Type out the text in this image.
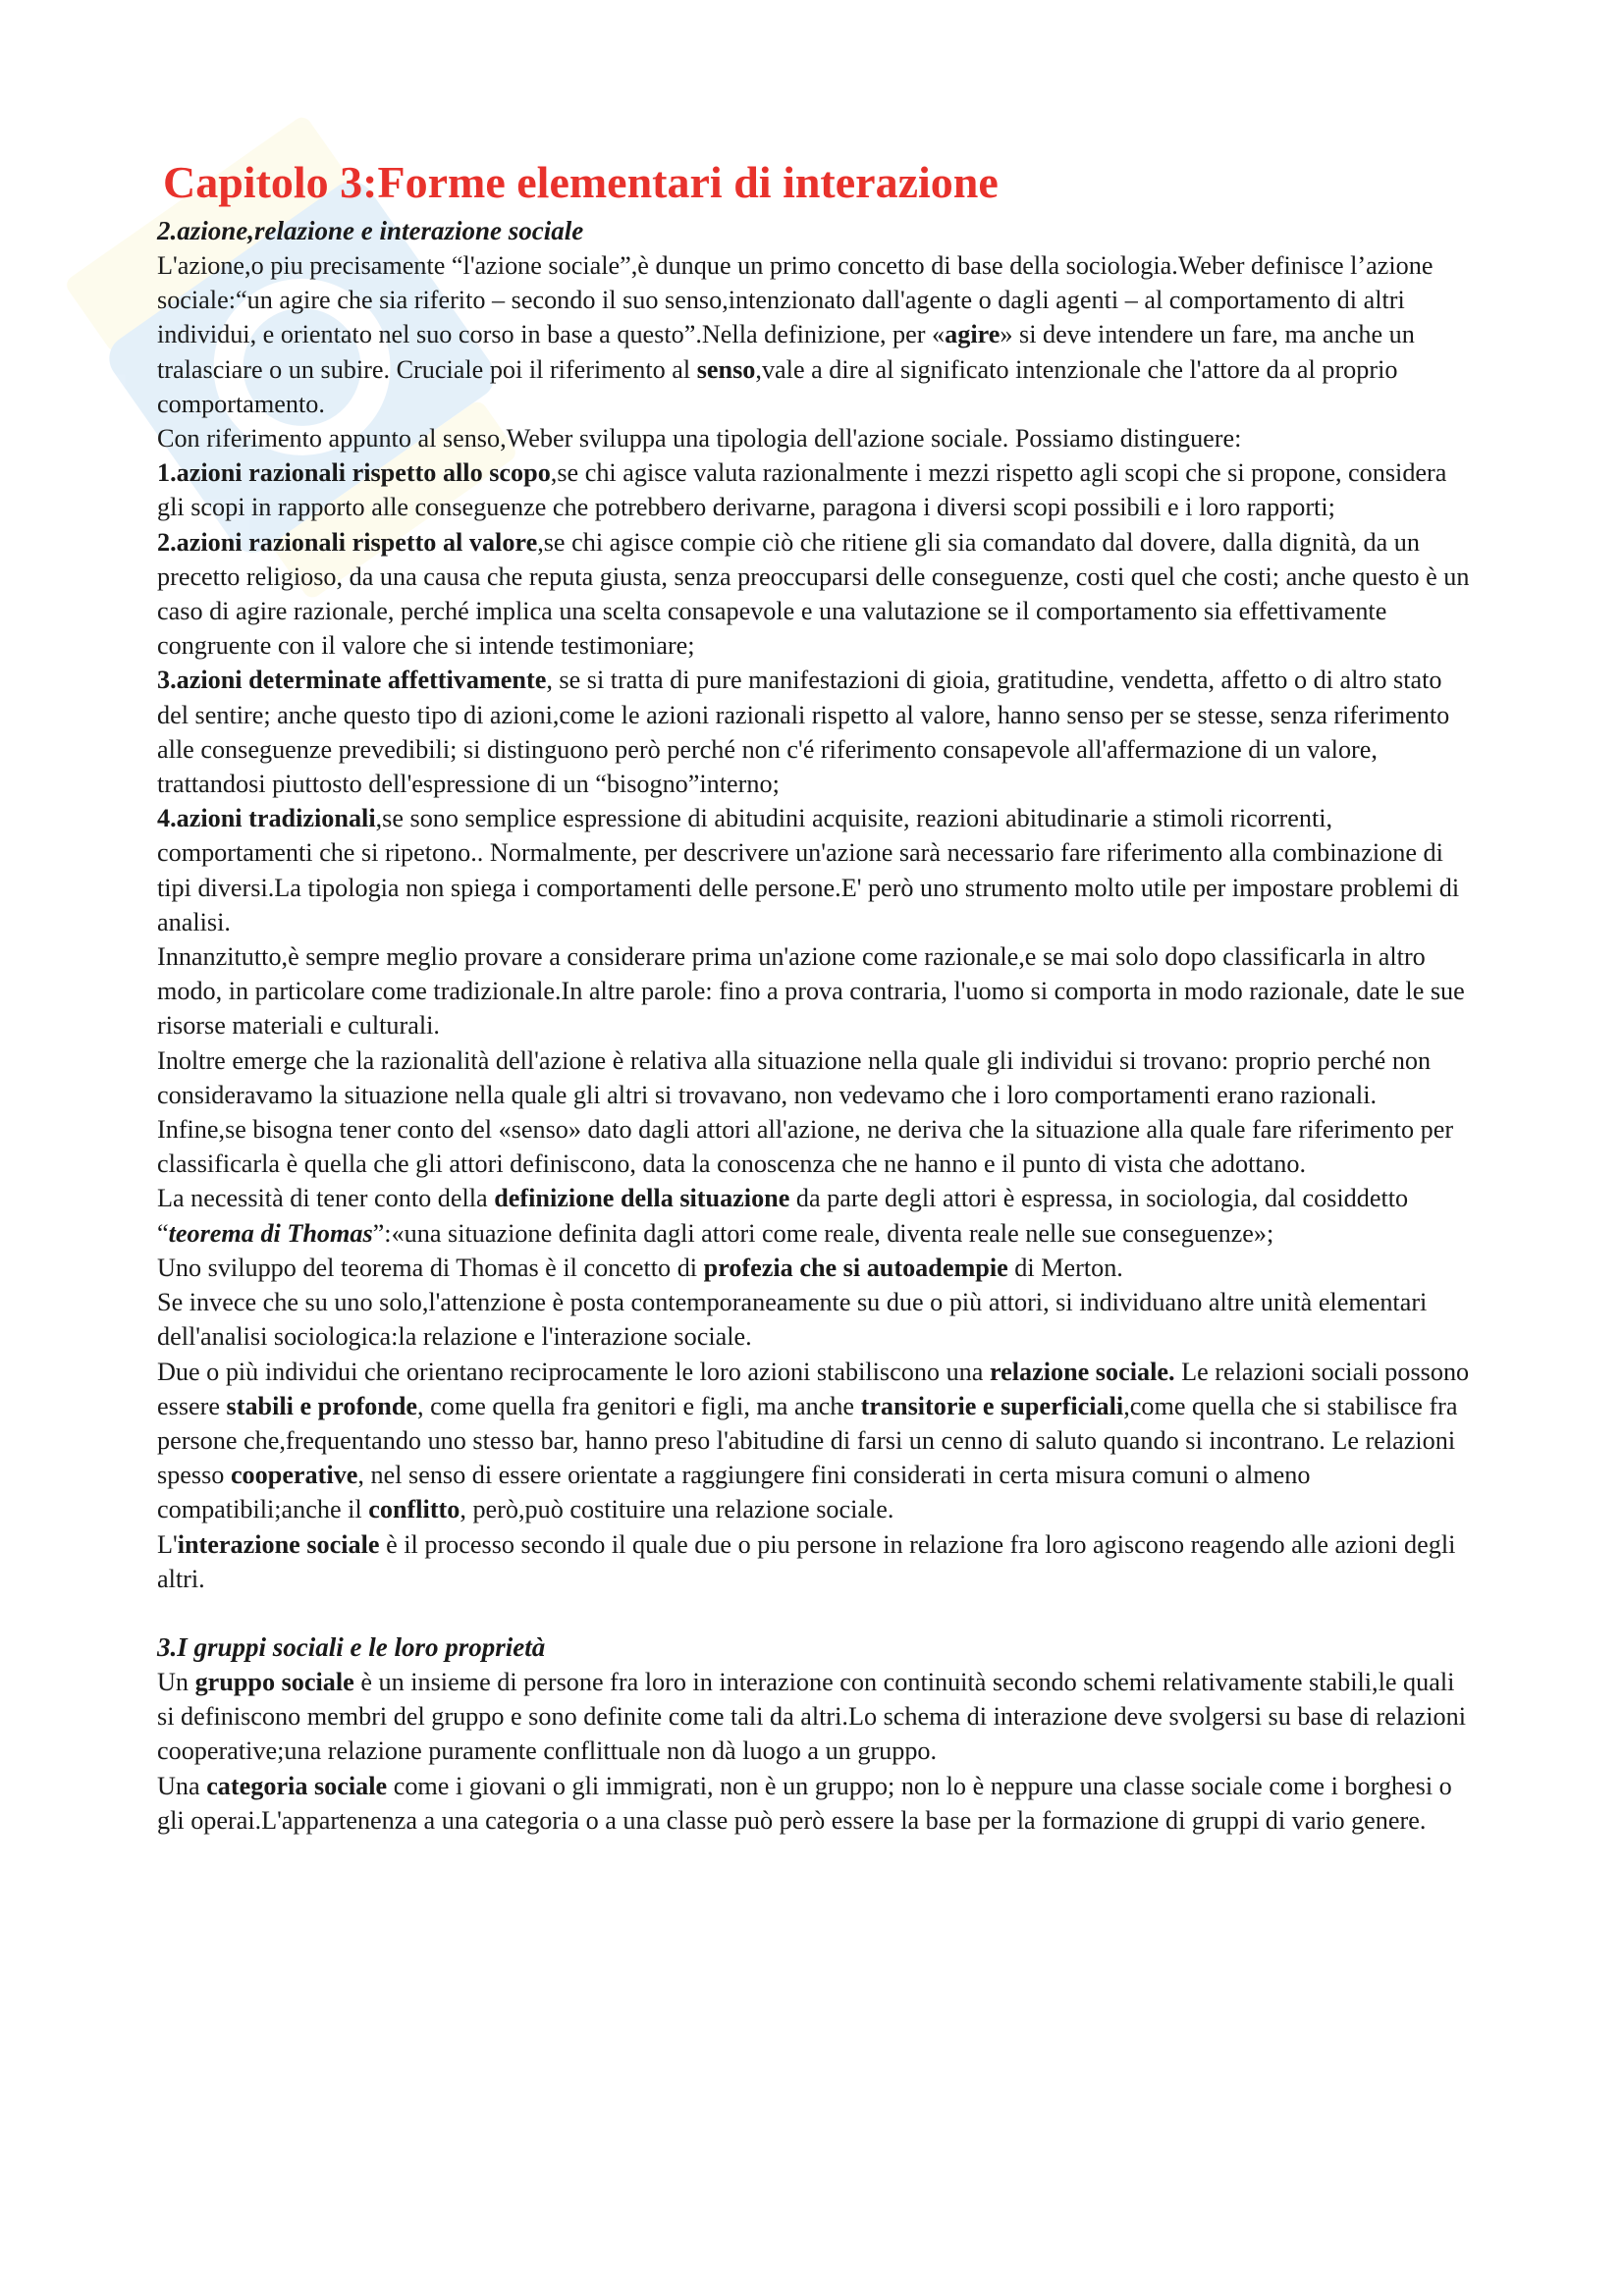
Capitolo 3:Forme elementari di interazione
2.azione,relazione e interazione sociale

L'azione,o piu precisamente “l'azione sociale”,è dunque un primo concetto di base della sociologia.Weber definisce l’azione sociale:“un agire che sia riferito – secondo il suo senso,intenzionato dall'agente o dagli agenti – al comportamento di altri individui, e orientato nel suo corso in base a questo”.Nella definizione, per «agire» si deve intendere un fare, ma anche un tralasciare o un subire. Cruciale poi il riferimento al senso,vale a dire al significato intenzionale che l'attore da al proprio comportamento.

Con riferimento appunto al senso,Weber sviluppa una tipologia dell'azione sociale. Possiamo distinguere:

1.azioni razionali rispetto allo scopo,se chi agisce valuta razionalmente i mezzi rispetto agli scopi che si propone, considera gli scopi in rapporto alle conseguenze che potrebbero derivarne, paragona i diversi scopi possibili e i loro rapporti;

2.azioni razionali rispetto al valore,se chi agisce compie ciò che ritiene gli sia comandato dal dovere, dalla dignità, da un precetto religioso, da una causa che reputa giusta, senza preoccuparsi delle conseguenze, costi quel che costi; anche questo è un caso di agire razionale, perché implica una scelta consapevole e una valutazione se il comportamento sia effettivamente congruente con il valore che si intende testimoniare;

3.azioni determinate affettivamente, se si tratta di pure manifestazioni di gioia, gratitudine, vendetta, affetto o di altro stato del sentire; anche questo tipo di azioni,come le azioni razionali rispetto al valore, hanno senso per se stesse, senza riferimento alle conseguenze prevedibili; si distinguono però perché non c'é riferimento consapevole all'affermazione di un valore, trattandosi piuttosto dell'espressione di un “bisogno”interno;

4.azioni tradizionali,se sono semplice espressione di abitudini acquisite, reazioni abitudinarie a stimoli ricorrenti, comportamenti che si ripetono.. Normalmente, per descrivere un'azione sarà necessario fare riferimento alla combinazione di tipi diversi.La tipologia non spiega i comportamenti delle persone.E' però uno strumento molto utile per impostare problemi di analisi.

Innanzitutto,è sempre meglio provare a considerare prima un'azione come razionale,e se mai solo dopo classificarla in altro modo, in particolare come tradizionale.In altre parole: fino a prova contraria, l'uomo si comporta in modo razionale, date le sue risorse materiali e culturali.

Inoltre emerge che la razionalità dell'azione è relativa alla situazione nella quale gli individui si trovano: proprio perché non consideravamo la situazione nella quale gli altri si trovavano, non vedevamo che i loro comportamenti erano razionali.

Infine,se bisogna tener conto del «senso» dato dagli attori all'azione, ne deriva che la situazione alla quale fare riferimento per classificarla è quella che gli attori definiscono, data la conoscenza che ne hanno e il punto di vista che adottano.

La necessità di tener conto della definizione della situazione da parte degli attori è espressa, in sociologia, dal cosiddetto “teorema di Thomas”:«una situazione definita dagli attori come reale, diventa reale nelle sue conseguenze»;

Uno sviluppo del teorema di Thomas è il concetto di profezia che si autoadempie di Merton.

Se invece che su uno solo,l'attenzione è posta contemporaneamente su due o più attori, si individuano altre unità elementari dell'analisi sociologica:la relazione e l'interazione sociale.

Due o più individui che orientano reciprocamente le loro azioni stabiliscono una relazione sociale. Le relazioni sociali possono essere stabili e profonde, come quella fra genitori e figli, ma anche transitorie e superficiali,come quella che si stabilisce fra persone che,frequentando uno stesso bar, hanno preso l'abitudine di farsi un cenno di saluto quando si incontrano. Le relazioni spesso cooperative, nel senso di essere orientate a raggiungere fini considerati in certa misura comuni o almeno compatibili;anche il conflitto, però,può costituire una relazione sociale.

L'interazione sociale è il processo secondo il quale due o piu persone in relazione fra loro agiscono reagendo alle azioni degli altri.

3.I gruppi sociali e le loro proprietà

Un gruppo sociale è un insieme di persone fra loro in interazione con continuità secondo schemi relativamente stabili,le quali si definiscono membri del gruppo e sono definite come tali da altri.Lo schema di interazione deve svolgersi su base di relazioni cooperative;una relazione puramente conflittuale non dà luogo a un gruppo.

Una categoria sociale come i giovani o gli immigrati, non è un gruppo; non lo è neppure una classe sociale come i borghesi o gli operai.L'appartenenza a una categoria o a una classe può però essere la base per la formazione di gruppi di vario genere.
